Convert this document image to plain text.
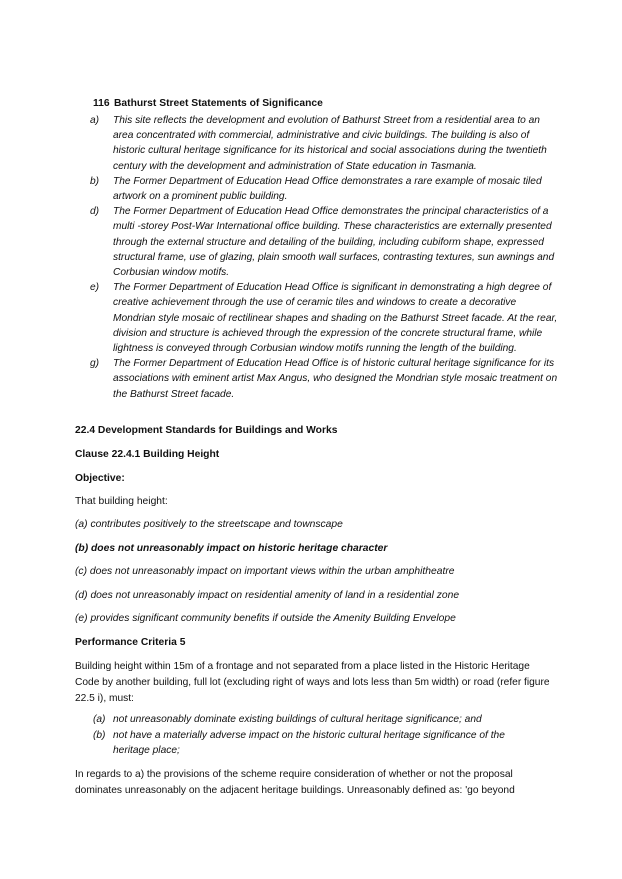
116 Bathurst Street Statements of Significance

a)	This site reflects the development and evolution of Bathurst Street from a residential area to an area concentrated with commercial, administrative and civic buildings. The building is also of historic cultural heritage significance for its historical and social associations during the twentieth century with the development and administration of State education in Tasmania.
b)	The Former Department of Education Head Office demonstrates a rare example of mosaic tiled artwork on a prominent public building.
d)	The Former Department of Education Head Office demonstrates the principal characteristics of a multi -storey Post-War International office building. These characteristics are externally presented through the external structure and detailing of the building, including cubiform shape, expressed structural frame, use of glazing, plain smooth wall surfaces, contrasting textures, sun awnings and Corbusian window motifs.
e)	The Former Department of Education Head Office is significant in demonstrating a high degree of creative achievement through the use of ceramic tiles and windows to create a decorative Mondrian style mosaic of rectilinear shapes and shading on the Bathurst Street facade. At the rear, division and structure is achieved through the expression of the concrete structural frame, while lightness is conveyed through Corbusian window motifs running the length of the building.
g)	The Former Department of Education Head Office is of historic cultural heritage significance for its associations with eminent artist Max Angus, who designed the Mondrian style mosaic treatment on the Bathurst Street facade.

22.4 Development Standards for Buildings and Works

Clause 22.4.1 Building Height

Objective:

That building height:

(a) contributes positively to the streetscape and townscape

(b) does not unreasonably impact on historic heritage character

(c) does not unreasonably impact on important views within the urban amphitheatre

(d) does not unreasonably impact on residential amenity of land in a residential zone

(e) provides significant community benefits if outside the Amenity Building Envelope

Performance Criteria 5

Building height within 15m of a frontage and not separated from a place listed in the Historic Heritage Code by another building, full lot (excluding right of ways and lots less than 5m width) or road (refer figure 22.5 i), must:

(a) not unreasonably dominate existing buildings of cultural heritage significance; and
(b) not have a materially adverse impact on the historic cultural heritage significance of the heritage place;

In regards to a) the provisions of the scheme require consideration of whether or not the proposal dominates unreasonably on the adjacent heritage buildings. Unreasonably defined as: 'go beyond
